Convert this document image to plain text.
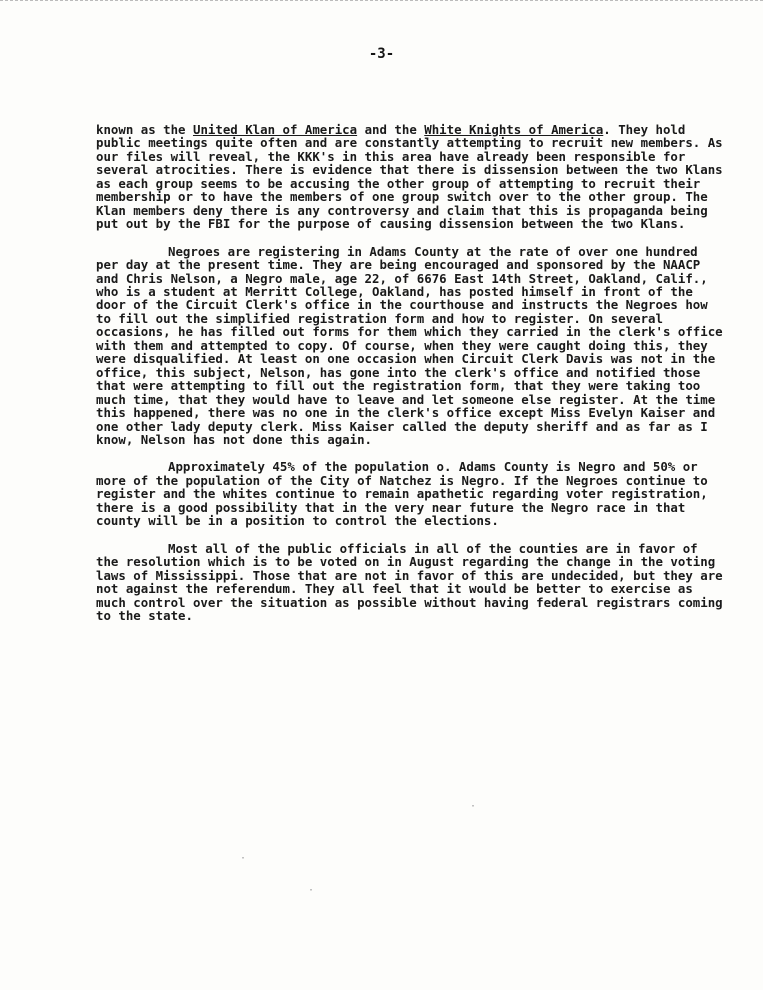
-3-

known as the United Klan of America and the White Knights of America. They hold public meetings quite often and are constantly attempting to recruit new members. As our files will reveal, the KKK's in this area have already been responsible for several atrocities. There is evidence that there is dissension between the two Klans as each group seems to be accusing the other group of attempting to recruit their membership or to have the members of one group switch over to the other group. The Klan members deny there is any controversy and claim that this is propaganda being put out by the FBI for the purpose of causing dissension between the two Klans.

Negroes are registering in Adams County at the rate of over one hundred per day at the present time. They are being encouraged and sponsored by the NAACP and Chris Nelson, a Negro male, age 22, of 6676 East 14th Street, Oakland, Calif., who is a student at Merritt College, Oakland, has posted himself in front of the door of the Circuit Clerk's office in the courthouse and instructs the Negroes how to fill out the simplified registration form and how to register. On several occasions, he has filled out forms for them which they carried in the clerk's office with them and attempted to copy. Of course, when they were caught doing this, they were disqualified. At least on one occasion when Circuit Clerk Davis was not in the office, this subject, Nelson, has gone into the clerk's office and notified those that were attempting to fill out the registration form, that they were taking too much time, that they would have to leave and let someone else register. At the time this happened, there was no one in the clerk's office except Miss Evelyn Kaiser and one other lady deputy clerk. Miss Kaiser called the deputy sheriff and as far as I know, Nelson has not done this again.

Approximately 45% of the population o. Adams County is Negro and 50% or more of the population of the City of Natchez is Negro. If the Negroes continue to register and the whites continue to remain apathetic regarding voter registration, there is a good possibility that in the very near future the Negro race in that county will be in a position to control the elections.

Most all of the public officials in all of the counties are in favor of the resolution which is to be voted on in August regarding the change in the voting laws of Mississippi. Those that are not in favor of this are undecided, but they are not against the referendum. They all feel that it would be better to exercise as much control over the situation as possible without having federal registrars coming to the state.

·
·
·
